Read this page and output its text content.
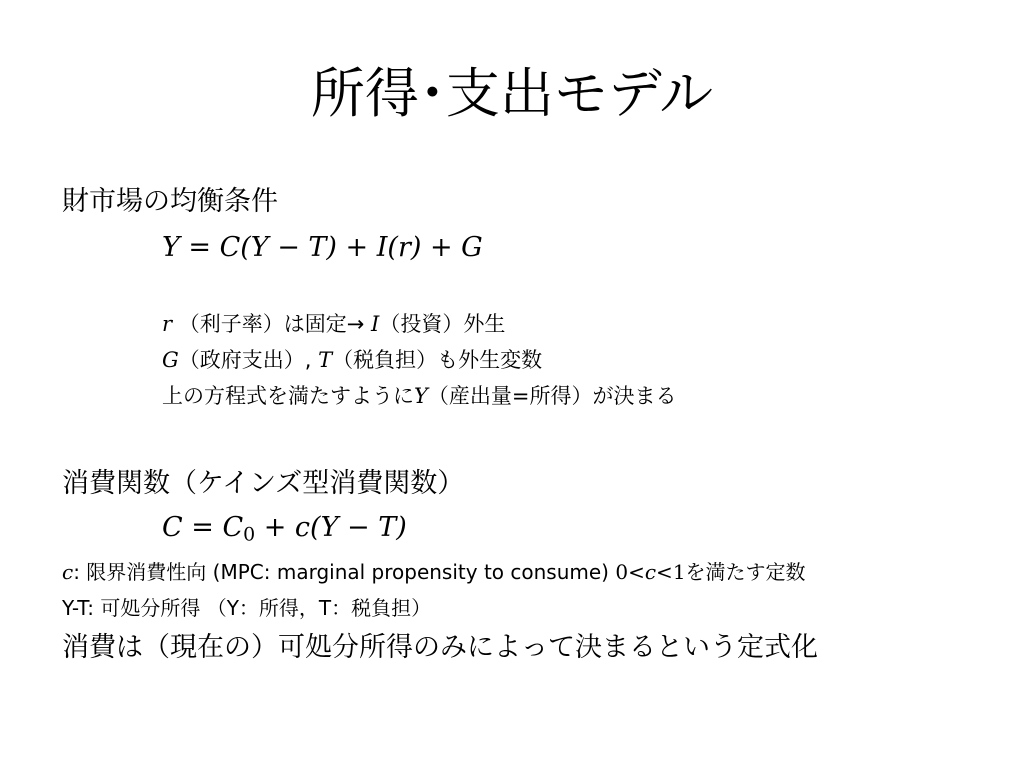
所得･支出モデル
財市場の均衡条件
Y = C(Y − T) + I(r) + G
r （利子率）は固定→ I（投資）外生
G（政府支出）, T（税負担）も外生変数
上の方程式を満たすようにY（産出量=所得）が決まる
消費関数（ケインズ型消費関数）
$C = C_0 + c(Y - T)$
c: 限界消費性向 (MPC: marginal propensity to consume) 0<c<1を満たす定数
Y-T: 可処分所得 （Y：所得，T：税負担）
消費は（現在の）可処分所得のみによって決まるという定式化
